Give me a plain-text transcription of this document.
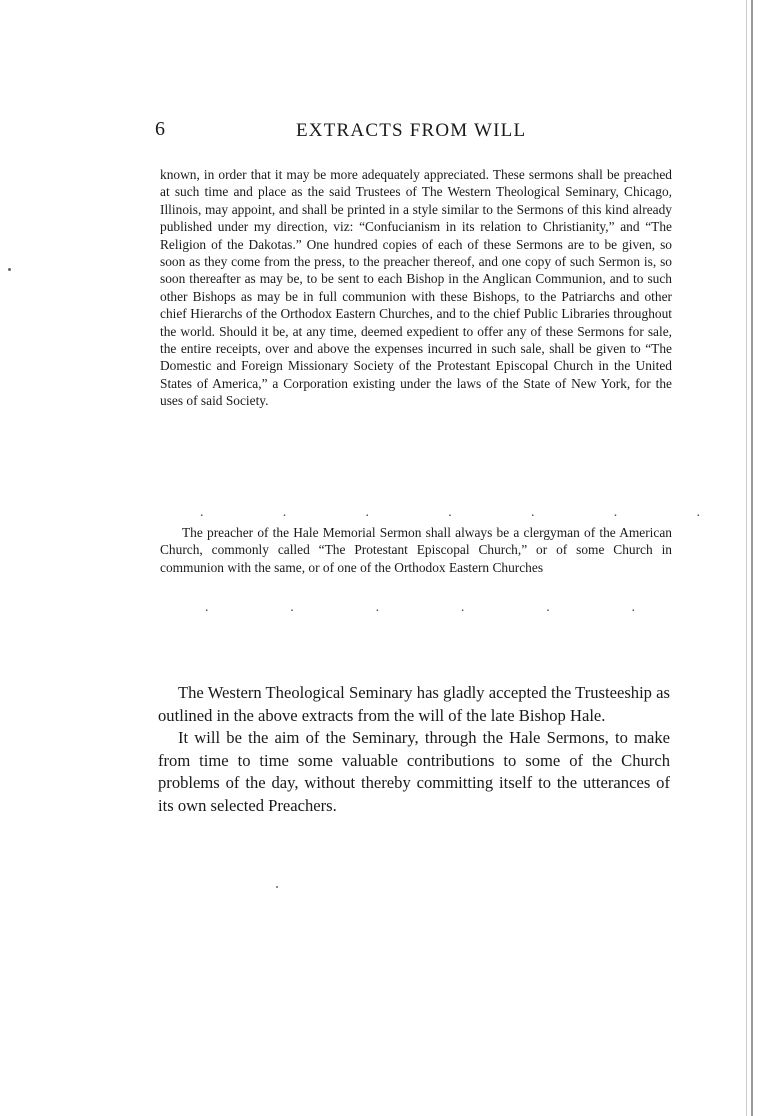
6	EXTRACTS FROM WILL

known, in order that it may be more adequately appreciated. These sermons shall be preached at such time and place as the said Trustees of The Western Theological Seminary, Chicago, Illinois, may appoint, and shall be printed in a style similar to the Sermons of this kind already published under my direction, viz: “Confucianism in its relation to Christianity,” and “The Religion of the Dakotas.” One hundred copies of each of these Sermons are to be given, so soon as they come from the press, to the preacher thereof, and one copy of such Sermon is, so soon thereafter as may be, to be sent to each Bishop in the Anglican Communion, and to such other Bishops as may be in full communion with these Bishops, to the Patriarchs and other chief Hierarchs of the Orthodox Eastern Churches, and to the chief Public Libraries throughout the world. Should it be, at any time, deemed expedient to offer any of these Sermons for sale, the entire receipts, over and above the expenses incurred in such sale, shall be given to “The Domestic and Foreign Missionary Society of the Protestant Episcopal Church in the United States of America,” a Corporation existing under the laws of the State of New York, for the uses of said Society.

.	.	.	.	.	.	.

The preacher of the Hale Memorial Sermon shall always be a clergyman of the American Church, commonly called “The Protestant Episcopal Church,” or of some Church in communion with the same, or of one of the Orthodox Eastern Churches

.	.	.	.	.	.

The Western Theological Seminary has gladly accepted the Trusteeship as outlined in the above extracts from the will of the late Bishop Hale.

It will be the aim of the Seminary, through the Hale Sermons, to make from time to time some valuable contributions to some of the Church problems of the day, without thereby committing itself to the utterances of its own selected Preachers.
